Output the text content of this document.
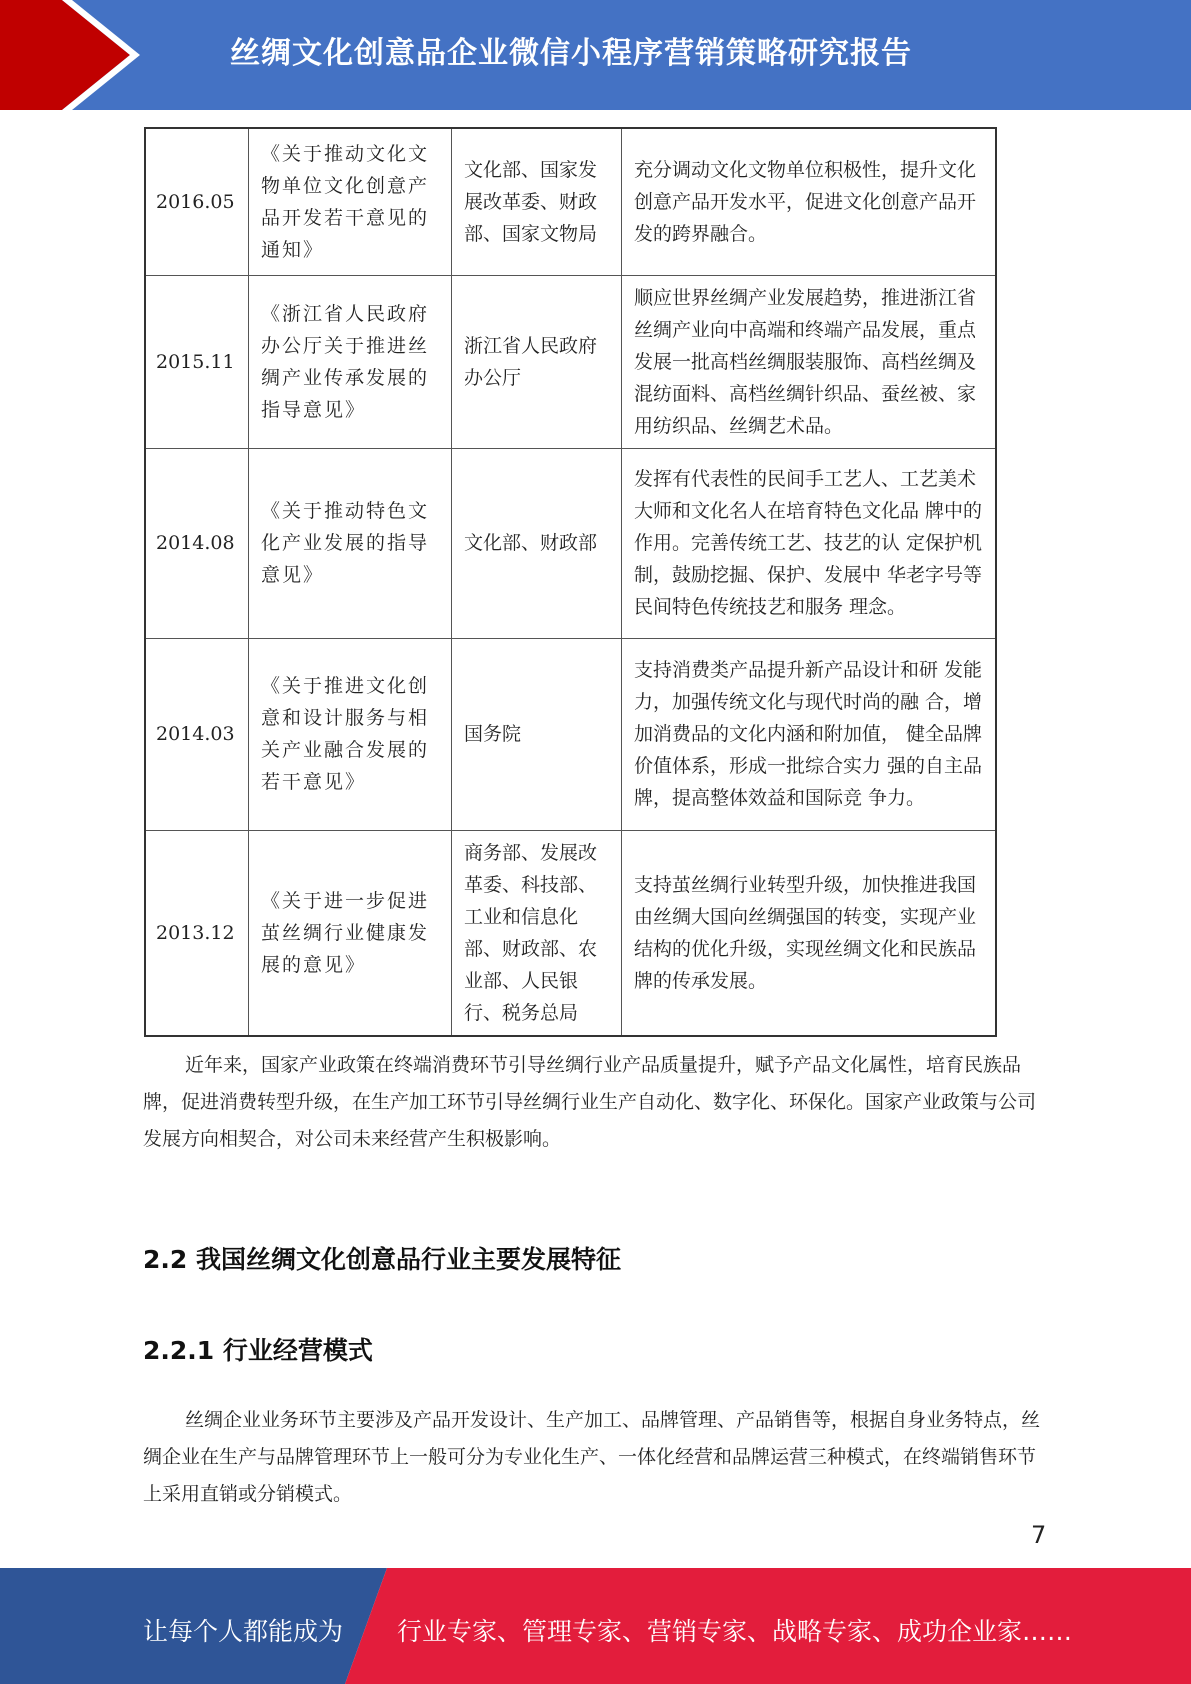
丝绸文化创意品企业微信小程序营销策略研究报告
2016.05	《关于推动文化文 物单位文化创意产 品开发若干意见的 通知》	文化部、国家发 展改革委、财政 部、国家文物局	充分调动文化文物单位积极性，提升文化创意产品开发水平，促进文化创意产品开发的跨界融合。
2015.11	《浙江省人民政府办公厅关于推进丝绸产业传承发展的指导意见》	浙江省人民政府办公厅	顺应世界丝绸产业发展趋势，推进浙江省丝绸产业向中高端和终端产品发展，重点发展一批高档丝绸服装服饰、高档丝绸及混纺面料、高档丝绸针织品、蚕丝被、家用纺织品、丝绸艺术品。
2014.08	《关于推动特色文 化产业发展的指导 意见》	文化部、财政部	发挥有代表性的民间手工艺人、工艺美术大师和文化名人在培育特色文化品 牌中的作用。完善传统工艺、技艺的认 定保护机制，鼓励挖掘、保护、发展中 华老字号等民间特色传统技艺和服务 理念。
2014.03	《关于推进文化创 意和设计服务与相 关产业融合发展的 若干意见》	国务院	支持消费类产品提升新产品设计和研 发能力，加强传统文化与现代时尚的融 合，增加消费品的文化内涵和附加值， 健全品牌价值体系，形成一批综合实力 强的自主品牌，提高整体效益和国际竞 争力。
2013.12	《关于进一步促进 茧丝绸行业健康发 展的意见》	商务部、发展改革委、科技部、工业和信息化部、财政部、农业部、人民银行、税务总局	支持茧丝绸行业转型升级，加快推进我国由丝绸大国向丝绸强国的转变，实现产业结构的优化升级，实现丝绸文化和民族品牌的传承发展。

近年来，国家产业政策在终端消费环节引导丝绸行业产品质量提升，赋予产品文化属性，培育民族品牌，促进消费转型升级，在生产加工环节引导丝绸行业生产自动化、数字化、环保化。国家产业政策与公司发展方向相契合，对公司未来经营产生积极影响。

2.2 我国丝绸文化创意品行业主要发展特征
2.2.1 行业经营模式

丝绸企业业务环节主要涉及产品开发设计、生产加工、品牌管理、产品销售等，根据自身业务特点，丝绸企业在生产与品牌管理环节上一般可分为专业化生产、一体化经营和品牌运营三种模式，在终端销售环节上采用直销或分销模式。

7
让每个人都能成为 行业专家、管理专家、营销专家、战略专家、成功企业家……
